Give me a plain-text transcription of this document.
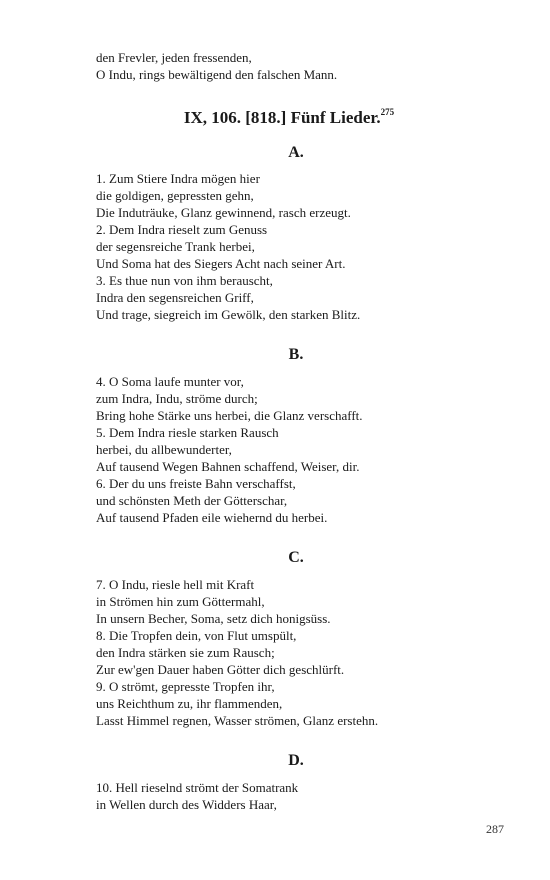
den Frevler, jeden fressenden,
O Indu, rings bewältigend den falschen Mann.
IX, 106. [818.] Fünf Lieder.$^{275}$
A.
1. Zum Stiere Indra mögen hier
die goldigen, gepressten gehn,
Die Induträuke, Glanz gewinnend, rasch erzeugt.
2. Dem Indra rieselt zum Genuss
der segensreiche Trank herbei,
Und Soma hat des Siegers Acht nach seiner Art.
3. Es thue nun von ihm berauscht,
Indra den segensreichen Griff,
Und trage, siegreich im Gewölk, den starken Blitz.
B.
4. O Soma laufe munter vor,
zum Indra, Indu, ströme durch;
Bring hohe Stärke uns herbei, die Glanz verschafft.
5. Dem Indra riesle starken Rausch
herbei, du allbewunderter,
Auf tausend Wegen Bahnen schaffend, Weiser, dir.
6. Der du uns freiste Bahn verschaffst,
und schönsten Meth der Götterschar,
Auf tausend Pfaden eile wiehernd du herbei.
C.
7. O Indu, riesle hell mit Kraft
in Strömen hin zum Göttermahl,
In unsern Becher, Soma, setz dich honigsüss.
8. Die Tropfen dein, von Flut umspült,
den Indra stärken sie zum Rausch;
Zur ew'gen Dauer haben Götter dich geschlürft.
9. O strömt, gepresste Tropfen ihr,
uns Reichthum zu, ihr flammenden,
Lasst Himmel regnen, Wasser strömen, Glanz erstehn.
D.
10. Hell rieselnd strömt der Somatrank
in Wellen durch des Widders Haar,
287
